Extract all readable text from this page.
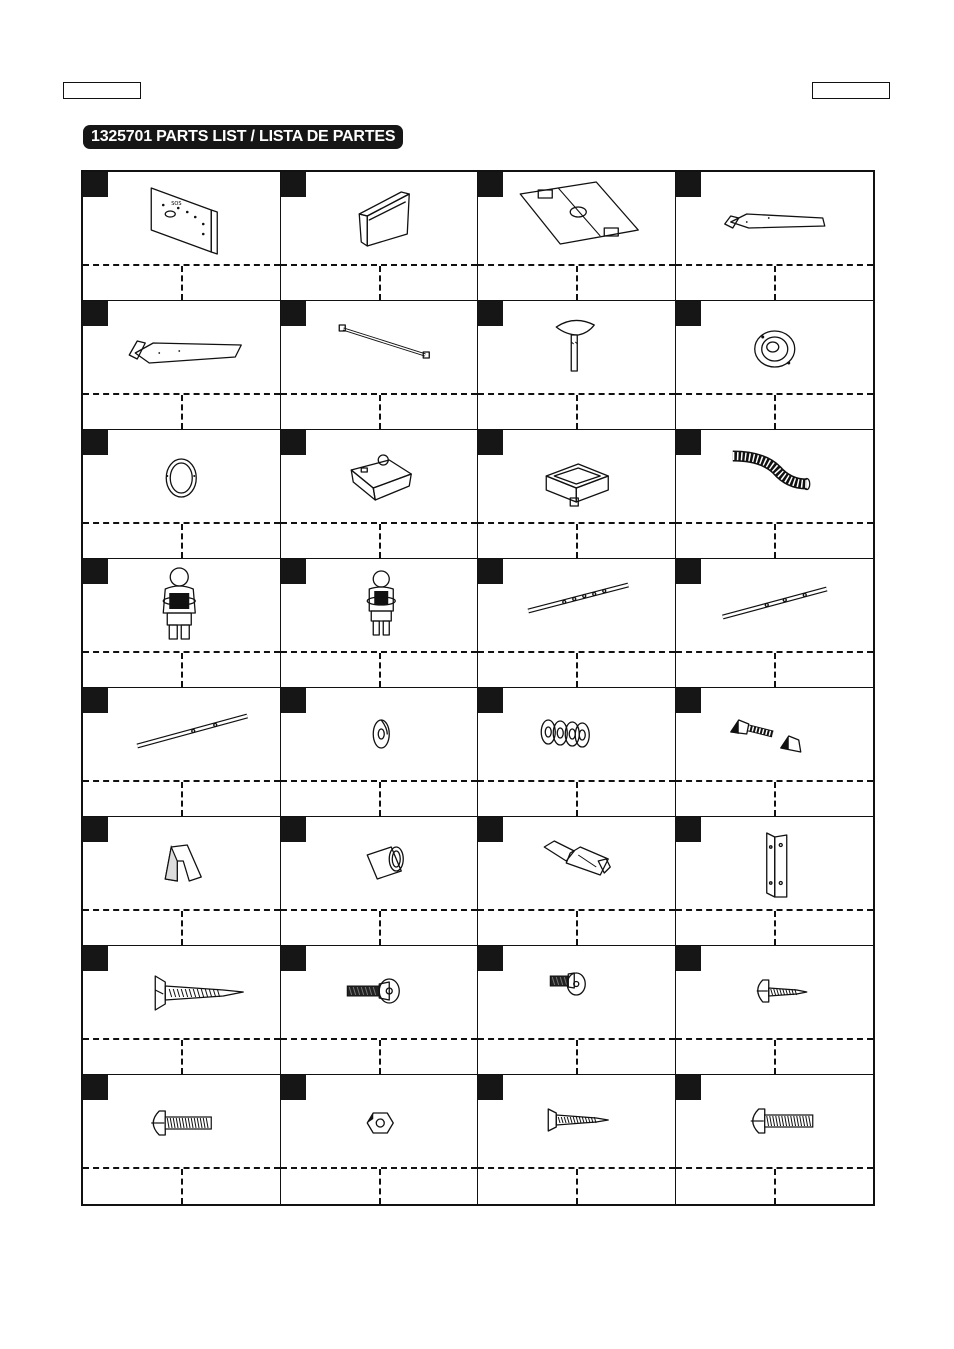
1325701 PARTS LIST / LISTA DE PARTES
SOS
